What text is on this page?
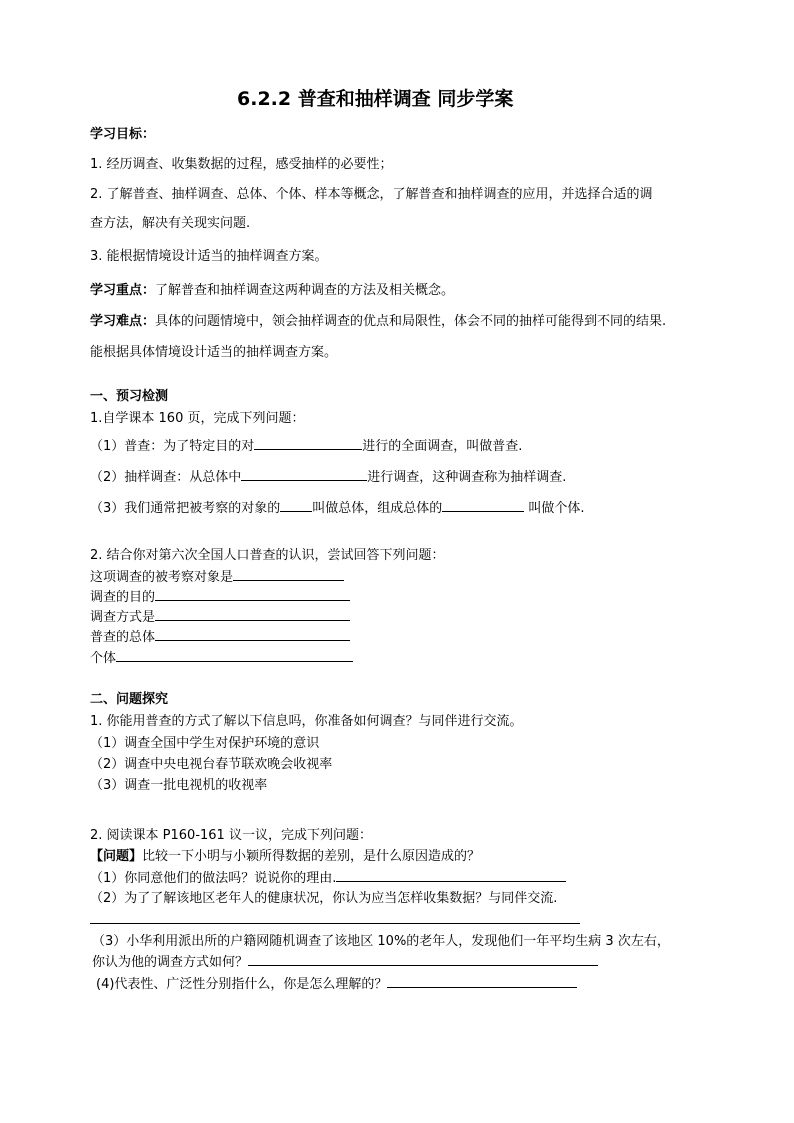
6.2.2 普查和抽样调查 同步学案
学习目标：
1. 经历调查、收集数据的过程，感受抽样的必要性；
2. 了解普查、抽样调查、总体、个体、样本等概念，了解普查和抽样调查的应用，并选择合适的调
查方法，解决有关现实问题.
3. 能根据情境设计适当的抽样调查方案。
学习重点：了解普查和抽样调查这两种调查的方法及相关概念。
学习难点：具体的问题情境中，领会抽样调查的优点和局限性，体会不同的抽样可能得到不同的结果.
能根据具体情境设计适当的抽样调查方案。
一、预习检测
1.自学课本 160 页，完成下列问题：
（1）普查：为了特定目的对	进行的全面调查，叫做普查.
（2）抽样调查：从总体中	进行调查，这种调查称为抽样调查.
（3）我们通常把被考察的对象的 叫做总体，组成总体的	叫做个体.
2. 结合你对第六次全国人口普查的认识，尝试回答下列问题：
这项调查的被考察对象是
调查的目的
调查方式是
普查的总体
个体
二、问题探究
1. 你能用普查的方式了解以下信息吗，你准备如何调查？与同伴进行交流。
（1）调查全国中学生对保护环境的意识
（2）调查中央电视台春节联欢晚会收视率
（3）调查一批电视机的收视率
2. 阅读课本 P160-161 议一议，完成下列问题：
【问题】比较一下小明与小颖所得数据的差别，是什么原因造成的？
（1）你同意他们的做法吗？说说你的理由.
（2）为了了解该地区老年人的健康状况，你认为应当怎样收集数据？与同伴交流.
（3）小华利用派出所的户籍网随机调查了该地区 10%的老年人，发现他们一年平均生病 3 次左右，
你认为他的调查方式如何？
(4)代表性、广泛性分别指什么，你是怎么理解的？
